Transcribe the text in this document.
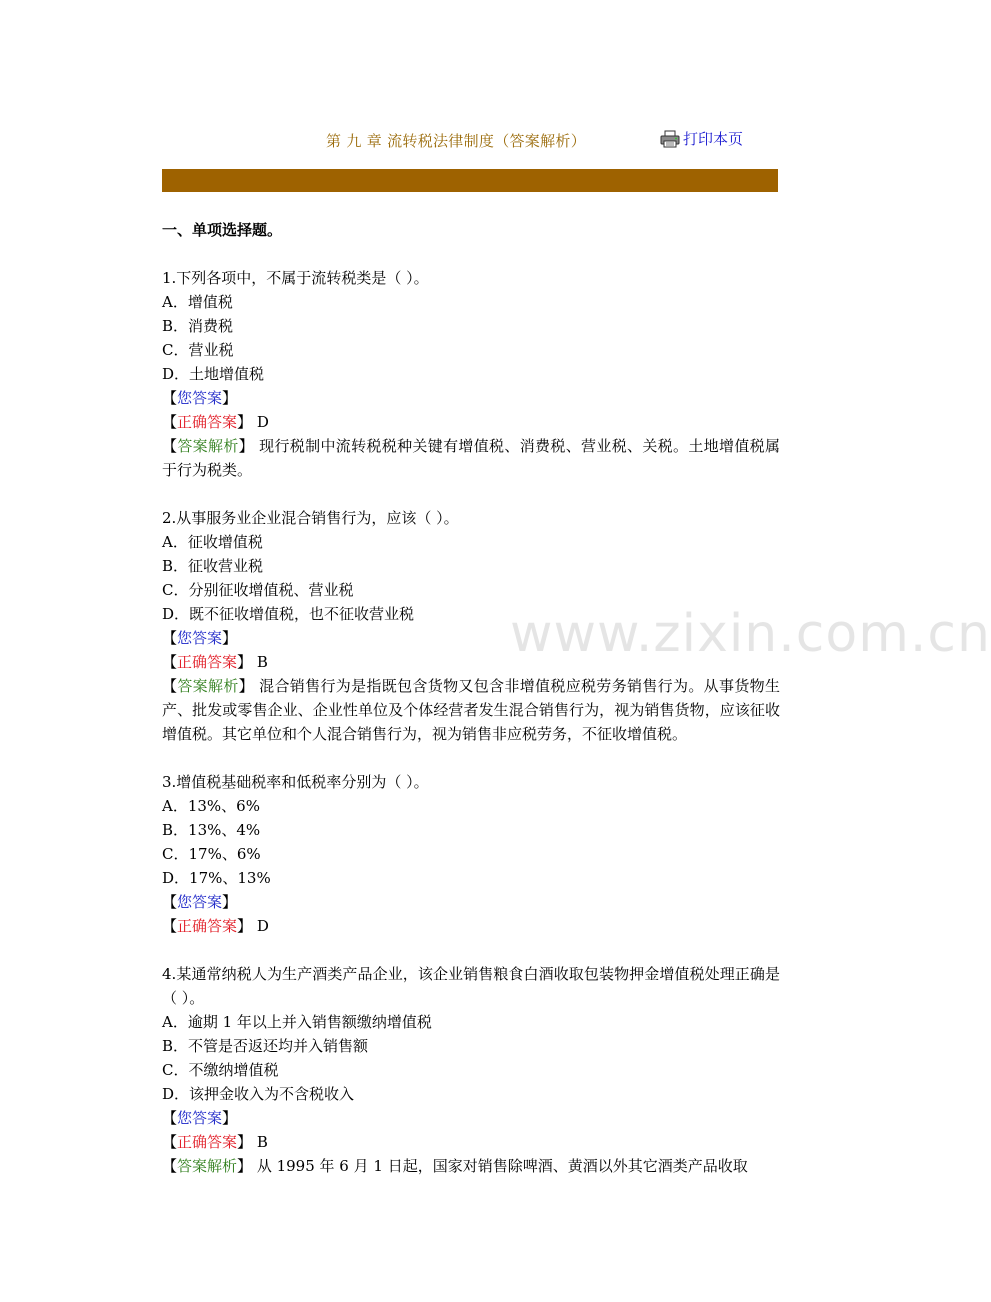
第 九 章 流转税法律制度（答案解析）	打印本页
一、单项选择题。
1.下列各项中，不属于流转税类是（ ）。
A．增值税
B．消费税
C．营业税
D．土地增值税
【您答案】
【正确答案】 D
【答案解析】 现行税制中流转税税种关键有增值税、消费税、营业税、关税。土地增值税属于行为税类。
2.从事服务业企业混合销售行为，应该（ ）。
A．征收增值税
B．征收营业税
C．分别征收增值税、营业税
D．既不征收增值税，也不征收营业税
【您答案】
【正确答案】 B
【答案解析】 混合销售行为是指既包含货物又包含非增值税应税劳务销售行为。从事货物生产、批发或零售企业、企业性单位及个体经营者发生混合销售行为，视为销售货物，应该征收增值税。其它单位和个人混合销售行为，视为销售非应税劳务，不征收增值税。
3.增值税基础税率和低税率分别为（ ）。
A．13%、6%
B．13%、4%
C．17%、6%
D．17%、13%
【您答案】
【正确答案】 D
4.某通常纳税人为生产酒类产品企业，该企业销售粮食白酒收取包装物押金增值税处理正确是（ ）。
A．逾期 1 年以上并入销售额缴纳增值税
B．不管是否返还均并入销售额
C．不缴纳增值税
D．该押金收入为不含税收入
【您答案】
【正确答案】 B
【答案解析】 从 1995 年 6 月 1 日起，国家对销售除啤酒、黄酒以外其它酒类产品收取
www.zixin.com.cn
